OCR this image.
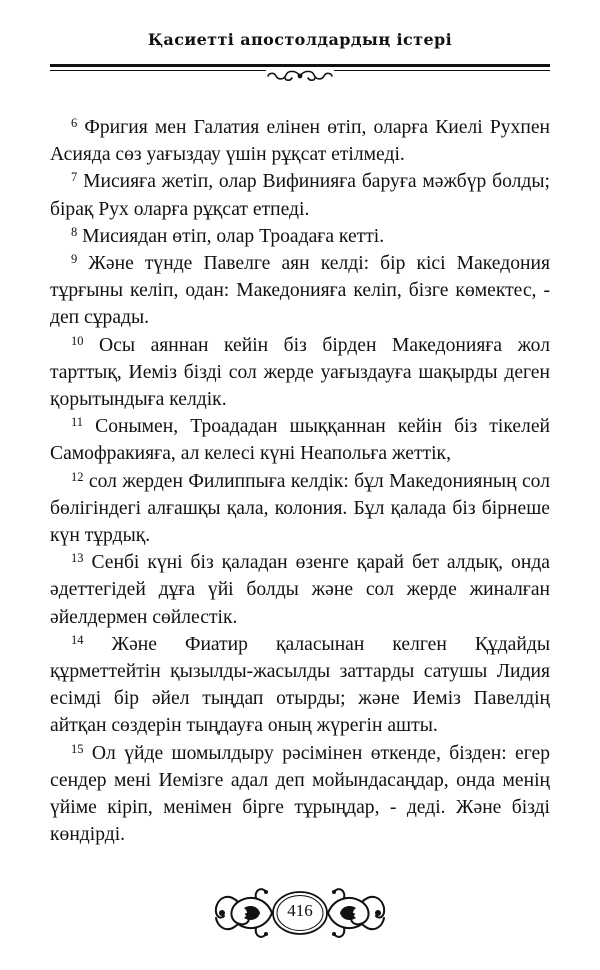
Қасиетті апостолдардың істері

$^6$ Фригия мен Галатия елінен өтіп, оларға Киелі Рухпен Асияда сөз уағыздау үшін рұқсат етілмеді.

$^7$ Мисияға жетіп, олар Вифинияға баруға мәжбүр болды; бірақ Рух оларға рұқсат етпеді.

$^8$ Мисиядан өтіп, олар Троадаға кетті.

$^9$ Және түнде Павелге аян келді: бір кісі Македония тұрғыны келіп, одан: Македонияға келіп, бізге көмектес, - деп сұрады.

$^{10}$ Осы аяннан кейін біз бірден Македонияға жол тарттық, Иеміз бізді сол жерде уағыздауға шақырды деген қорытындыға келдік.

$^{11}$ Сонымен, Троададан шыққаннан кейін біз тікелей Самофракияға, ал келесі күні Неапольға жеттік,

$^{12}$ сол жерден Филиппыға келдік: бұл Македонияның сол бөлігіндегі алғашқы қала, колония. Бұл қалада біз бірнеше күн тұрдық.

$^{13}$ Сенбі күні біз қаладан өзенге қарай бет алдық, онда әдеттегідей дұға үйі болды және сол жерде жиналған әйелдермен сөйлестік.

$^{14}$ Және Фиатир қаласынан келген Құдайды құрметтейтін қызылды-жасылды заттарды сатушы Лидия есімді бір әйел тыңдап отырды; және Иеміз Павелдің айтқан сөздерін тыңдауға оның жүрегін ашты.

$^{15}$ Ол үйде шомылдыру рәсімінен өткенде, бізден: егер сендер мені Иемізге адал деп мойындасаңдар, онда менің үйіме кіріп, менімен бірге тұрыңдар, - деді. Және бізді көндірді.

416
